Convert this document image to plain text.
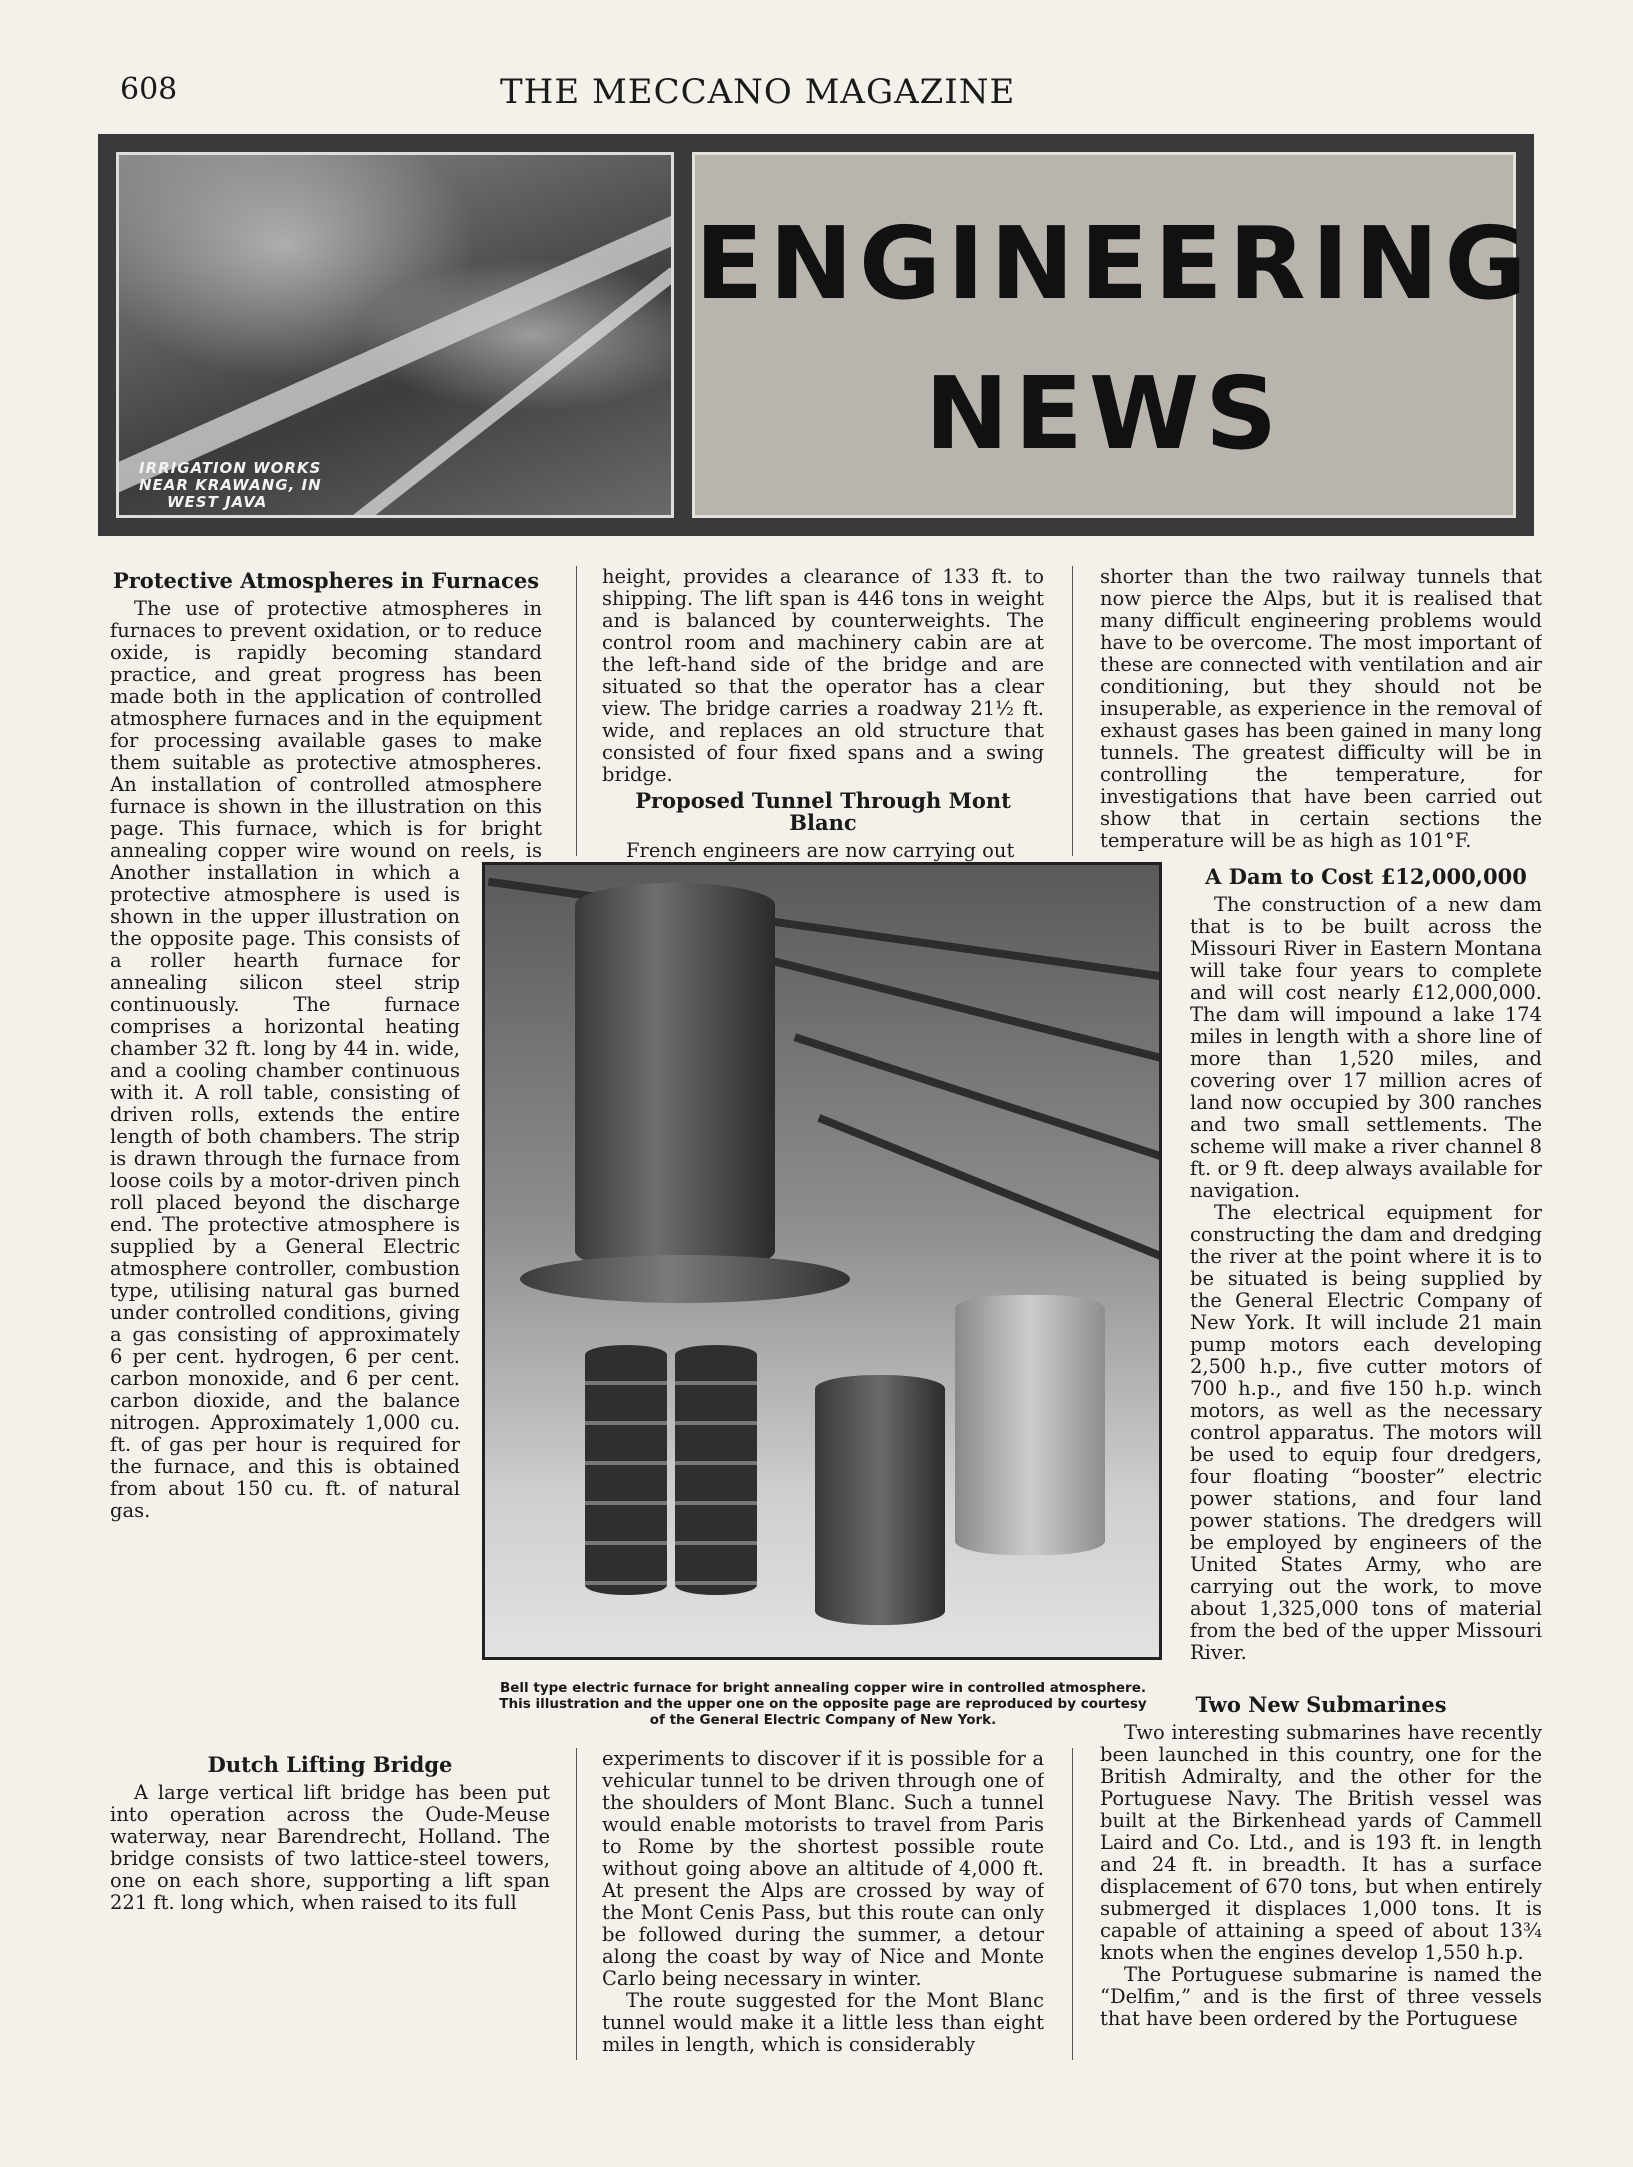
608	THE MECCANO MAGAZINE
IRRIGATION WORKS
NEAR KRAWANG, IN
WEST JAVA
ENGINEERING
NEWS
Protective Atmospheres in Furnaces

The use of protective atmospheres in furnaces to prevent oxidation, or to reduce oxide, is rapidly becoming standard practice, and great progress has been made both in the application of controlled atmosphere furnaces and in the equipment for processing available gases to make them suitable as protective atmospheres. An installation of controlled atmosphere furnace is shown in the illustration on this page. This furnace, which is for bright annealing copper wire wound on reels, is

Another installation in which a protective atmosphere is used is shown in the upper illustration on the opposite page. This consists of a roller hearth furnace for annealing silicon steel strip continuously. The furnace comprises a horizontal heating chamber 32 ft. long by 44 in. wide, and a cooling chamber continuous with it. A roll table, consisting of driven rolls, extends the entire length of both chambers. The strip is drawn through the furnace from loose coils by a motor-driven pinch roll placed beyond the discharge end. The protective atmosphere is supplied by a General Electric atmosphere controller, combustion type, utilising natural gas burned under controlled conditions, giving a gas consisting of approximately 6 per cent. hydrogen, 6 per cent. carbon monoxide, and 6 per cent. carbon dioxide, and the balance nitrogen. Approximately 1,000 cu. ft. of gas per hour is required for the furnace, and this is obtained from about 150 cu. ft. of natural gas.

Dutch Lifting Bridge

A large vertical lift bridge has been put into operation across the Oude-Meuse waterway, near Barendrecht, Holland. The bridge consists of two lattice-steel towers, one on each shore, supporting a lift span 221 ft. long which, when raised to its full

height, provides a clearance of 133 ft. to shipping. The lift span is 446 tons in weight and is balanced by counterweights. The control room and machinery cabin are at the left-hand side of the bridge and are situated so that the operator has a clear view. The bridge carries a roadway 21½ ft. wide, and replaces an old structure that consisted of four fixed spans and a swing bridge.

Proposed Tunnel Through Mont Blanc

French engineers are now carrying out

experiments to discover if it is possible for a vehicular tunnel to be driven through one of the shoulders of Mont Blanc. Such a tunnel would enable motorists to travel from Paris to Rome by the shortest possible route without going above an altitude of 4,000 ft. At present the Alps are crossed by way of the Mont Cenis Pass, but this route can only be followed during the summer, a detour along the coast by way of Nice and Monte Carlo being necessary in winter.

The route suggested for the Mont Blanc tunnel would make it a little less than eight miles in length, which is considerably

shorter than the two railway tunnels that now pierce the Alps, but it is realised that many difficult engineering problems would have to be overcome. The most important of these are connected with ventilation and air conditioning, but they should not be insuperable, as experience in the removal of exhaust gases has been gained in many long tunnels. The greatest difficulty will be in controlling the temperature, for investigations that have been carried out show that in certain sections the temperature will be as high as 101°F.

A Dam to Cost £12,000,000

The construction of a new dam that is to be built across the Missouri River in Eastern Montana will take four years to complete and will cost nearly £12,000,000. The dam will impound a lake 174 miles in length with a shore line of more than 1,520 miles, and covering over 17 million acres of land now occupied by 300 ranches and two small settlements. The scheme will make a river channel 8 ft. or 9 ft. deep always available for navigation.

The electrical equipment for constructing the dam and dredging the river at the point where it is to be situated is being supplied by the General Electric Company of New York. It will include 21 main pump motors each developing 2,500 h.p., five cutter motors of 700 h.p., and five 150 h.p. winch motors, as well as the necessary control apparatus. The motors will be used to equip four dredgers, four floating “booster” electric power stations, and four land power stations. The dredgers will be employed by engineers of the United States Army, who are carrying out the work, to move about 1,325,000 tons of material from the bed of the upper Missouri River.

Two New Submarines

Two interesting submarines have recently been launched in this country, one for the British Admiralty, and the other for the Portuguese Navy. The British vessel was built at the Birkenhead yards of Cammell Laird and Co. Ltd., and is 193 ft. in length and 24 ft. in breadth. It has a surface displacement of 670 tons, but when entirely submerged it displaces 1,000 tons. It is capable of attaining a speed of about 13¾ knots when the engines develop 1,550 h.p.

The Portuguese submarine is named the “Delfim,” and is the first of three vessels that have been ordered by the Portuguese

Bell type electric furnace for bright annealing copper wire in controlled atmosphere.
This illustration and the upper one on the opposite page are reproduced by courtesy
of the General Electric Company of New York.
